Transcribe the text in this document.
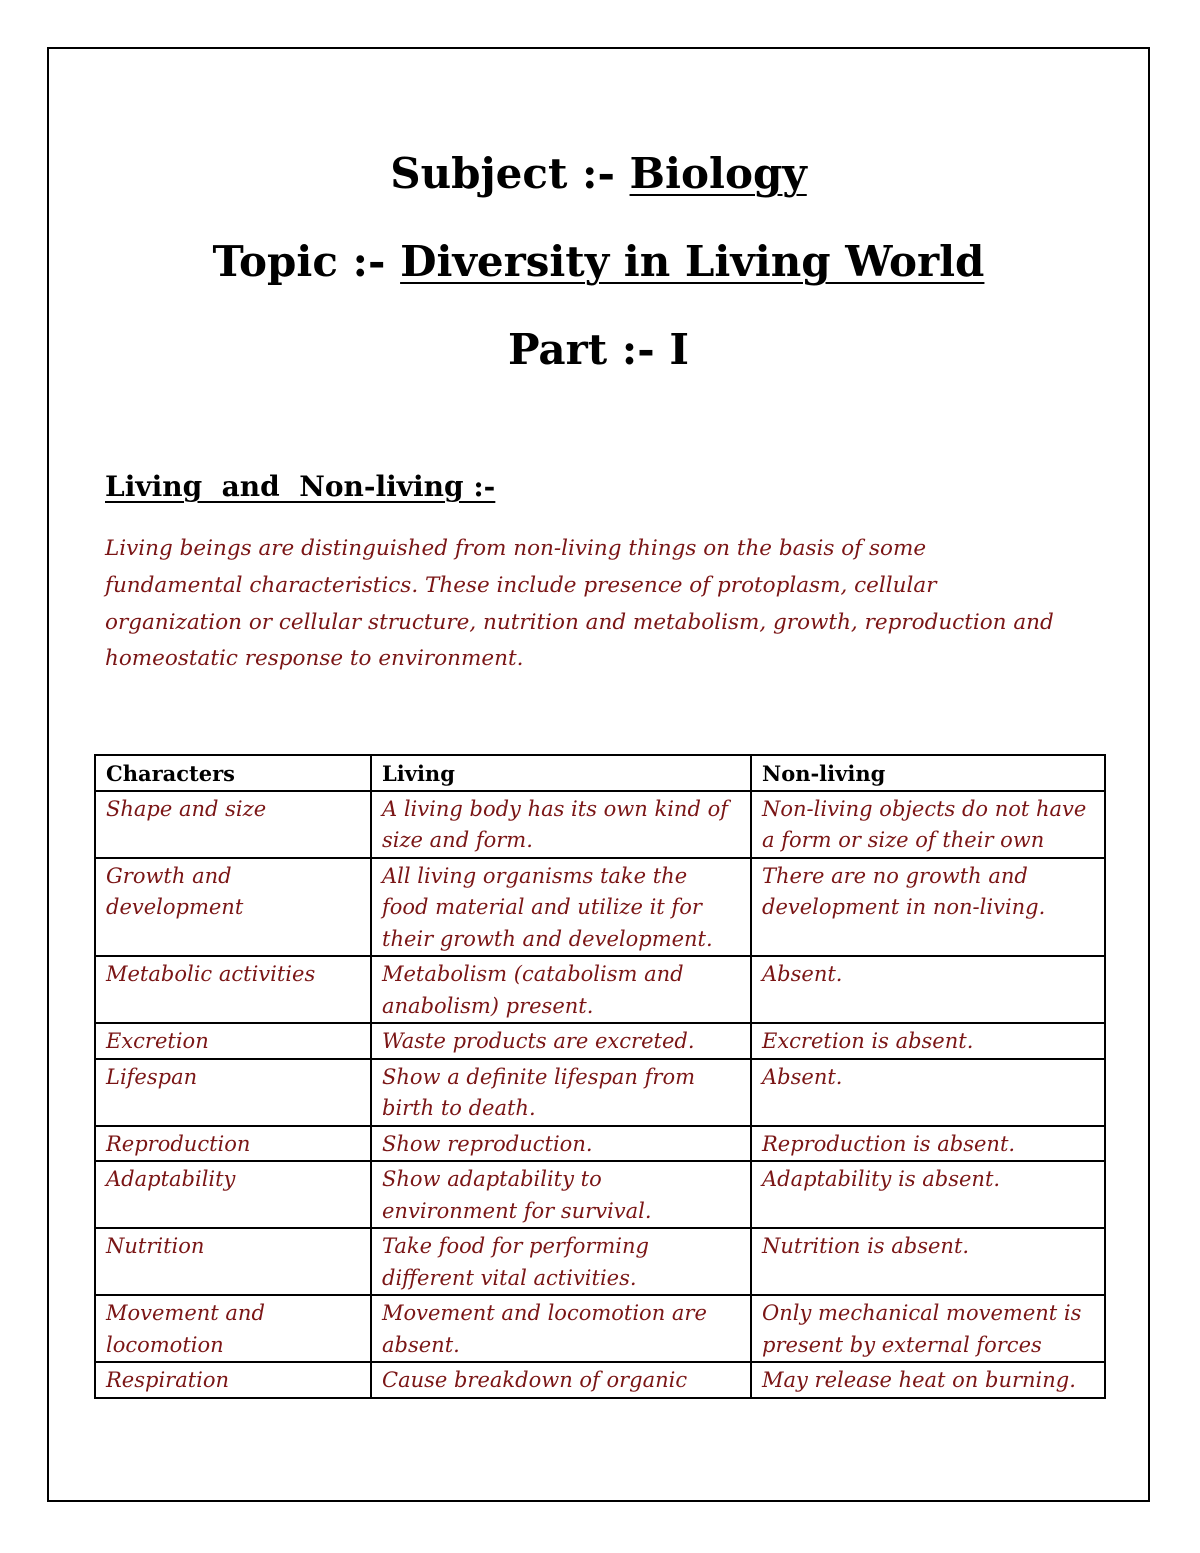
Subject :- Biology
Topic :- Diversity in Living World
Part :- I
Living  and  Non-living :-
Living beings are distinguished from non-living things on the basis of some fundamental characteristics. These include presence of protoplasm, cellular organization or cellular structure, nutrition and metabolism, growth, reproduction and homeostatic response to environment.
Characters	Living	Non-living
Shape and size	A living body has its own kind of size and form.	Non-living objects do not have a form or size of their own
Growth and development	All living organisms take the food material and utilize it for their growth and development.	There are no growth and development in non-living.
Metabolic activities	Metabolism (catabolism and anabolism) present.	Absent.
Excretion	Waste products are excreted.	Excretion is absent.
Lifespan	Show a definite lifespan from birth to death.	Absent.
Reproduction	Show reproduction.	Reproduction is absent.
Adaptability	Show adaptability to environment for survival.	Adaptability is absent.
Nutrition	Take food for performing different vital activities.	Nutrition is absent.
Movement and locomotion	Movement and locomotion are absent.	Only mechanical movement is present by external forces
Respiration	Cause breakdown of organic	May release heat on burning.
